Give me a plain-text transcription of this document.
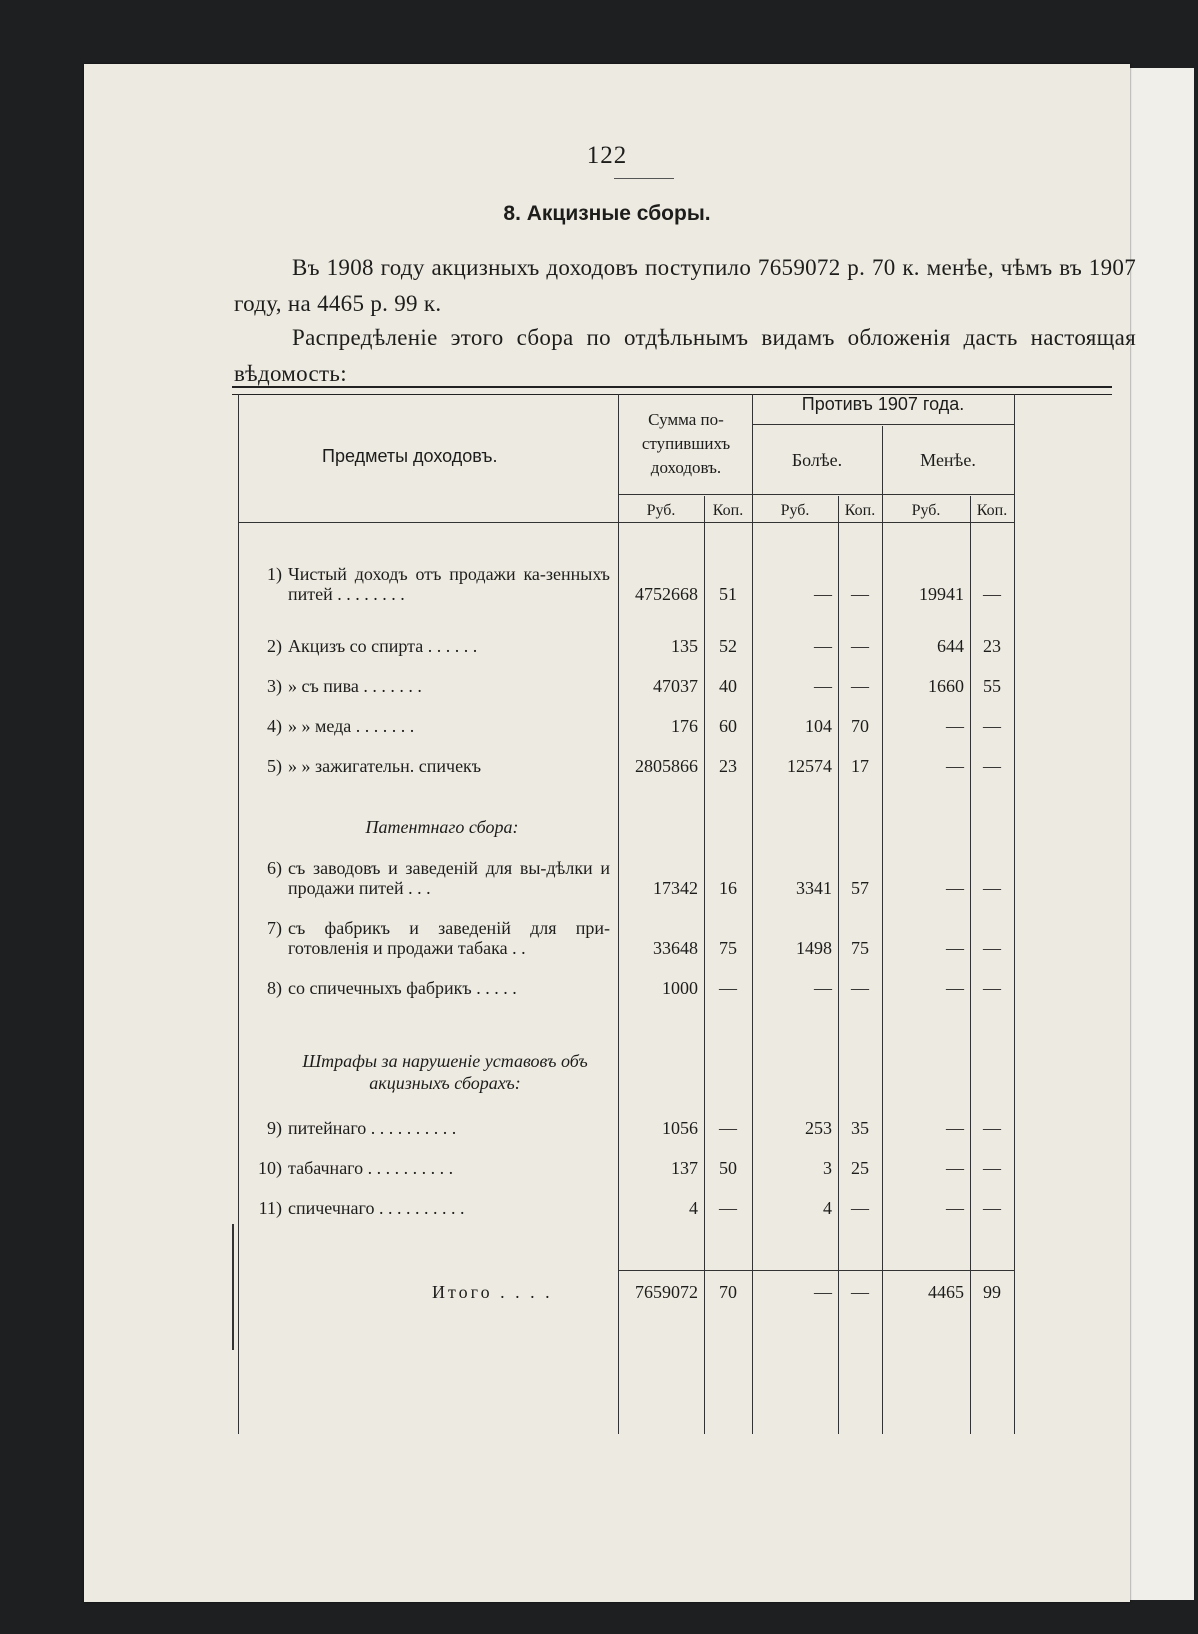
122
8. Акцизные сборы.
Въ 1908 году акцизныхъ доходовъ поступило 7659072 р. 70 к. менѣе, чѣмъ въ 1907 году, на 4465 р. 99 к.
Распредѣленіе этого сбора по отдѣльнымъ видамъ обложенія дасть настоящая вѣдомость:
Предметы доходовъ.
Сумма по-ступившихъ доходовъ.
Противъ 1907 года.
Болѣе.	Менѣе.
Руб.	Коп.	Руб.	Коп.	Руб.	Коп.
Патентнаго сбора:
Штрафы за нарушеніе уставовъ объ акцизныхъ сборахъ:
1) Чистый доходъ отъ продажи ка-зенныхъ питей . . . . . . . .	4752668	51	—	—	19941	—
2) Акцизъ со спирта . . . . . .	135	52	—	—	644	23
3) » съ пива . . . . . . .	47037	40	—	—	1660	55
4) » » меда . . . . . . .	176	60	104	70	—	—
5) » » зажигательн. спичекъ	2805866	23	12574	17	—	—
6) съ заводовъ и заведеній для вы-дѣлки и продажи питей . . .	17342	16	3341	57	—	—
7) съ фабрикъ и заведеній для при-готовленія и продажи табака . .	33648	75	1498	75	—	—
8) со спичечныхъ фабрикъ . . . . .	1000	—	—	—	—	—
9) питейнаго . . . . . . . . . .	1056	—	253	35	—	—
10) табачнаго . . . . . . . . . .	137	50	3	25	—	—
11) спичечнаго . . . . . . . . . .	4	—	4	—	—	—
Итого . . . .	7659072	70	—	—	4465	99
